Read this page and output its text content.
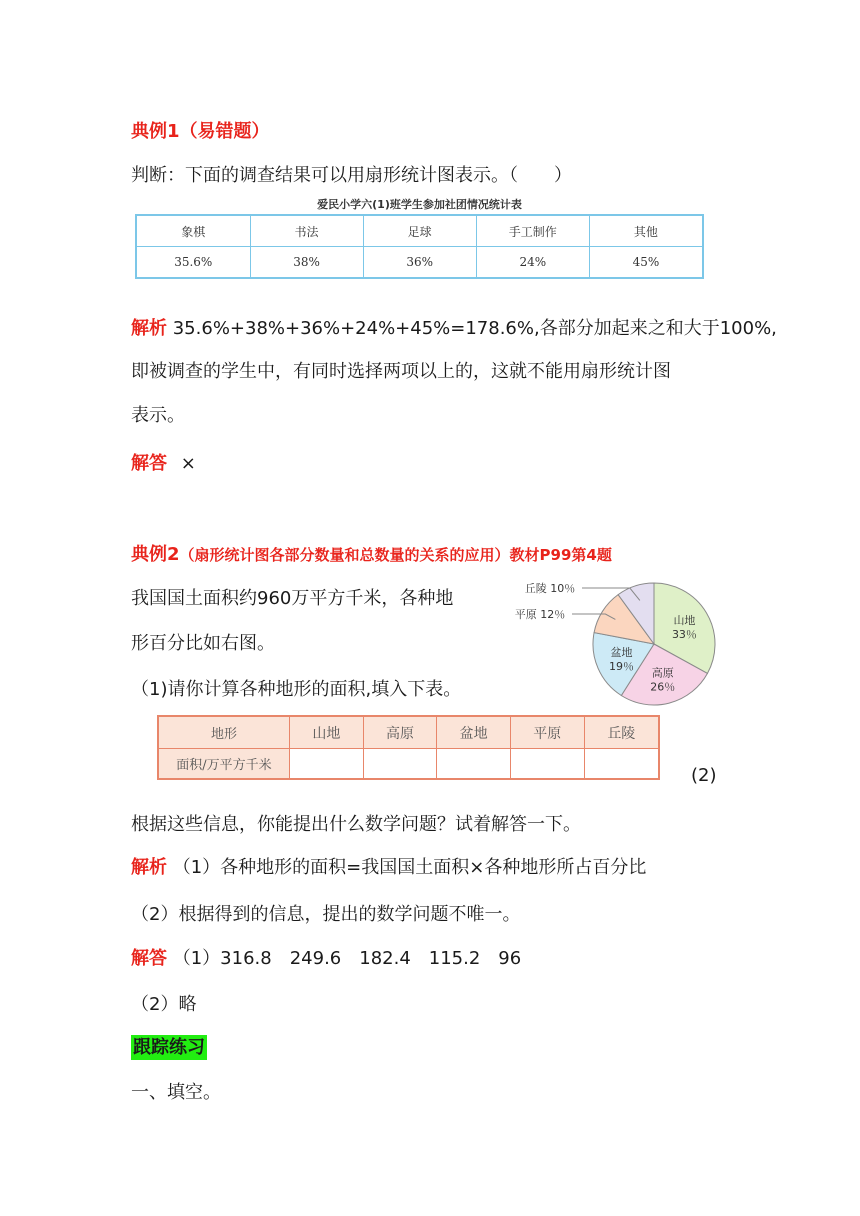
典例1（易错题）
判断：下面的调查结果可以用扇形统计图表示。（　　）
爱民小学六(1)班学生参加社团情况统计表
象棋	书法	足球	手工制作	其他
35.6%	38%	36%	24%	45%
解析 35.6%+38%+36%+24%+45%=178.6%,各部分加起来之和大于100%,
即被调查的学生中，有同时选择两项以上的，这就不能用扇形统计图
表示。
解答 ×
典例2（扇形统计图各部分数量和总数量的关系的应用）教材P99第4题
我国国土面积约960万平方千米，各种地
形百分比如右图。
（1)请你计算各种地形的面积,填入下表。
山地
33％
高原
26％
盆地
19％
平原 12％
丘陵 10％
地形	山地	高原	盆地	平原	丘陵
面积/万平方千米						(2)
根据这些信息，你能提出什么数学问题？试着解答一下。
解析 （1）各种地形的面积=我国国土面积×各种地形所占百分比
（2）根据得到的信息，提出的数学问题不唯一。
解答 （1）316.8　249.6　182.4　115.2　96
（2）略
跟踪练习
一、填空。
